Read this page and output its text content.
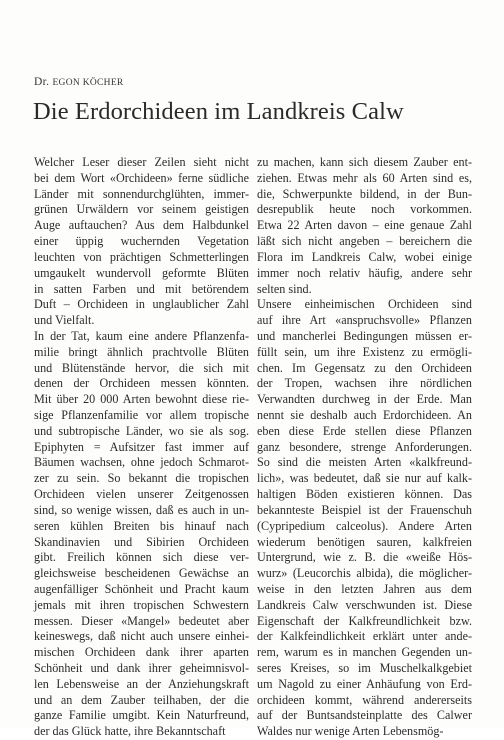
Dr. EGON KÖCHER
Die Erdorchideen im Landkreis Calw
Welcher Leser dieser Zeilen sieht nicht
bei dem Wort «Orchideen» ferne südliche
Länder mit sonnendurchglühten, immer-
grünen Urwäldern vor seinem geistigen
Auge auftauchen? Aus dem Halbdunkel
einer üppig wuchernden Vegetation
leuchten von prächtigen Schmetterlingen
umgaukelt wundervoll geformte Blüten
in satten Farben und mit betörendem
Duft – Orchideen in unglaublicher Zahl
und Vielfalt.
In der Tat, kaum eine andere Pflanzenfa-
milie bringt ähnlich prachtvolle Blüten
und Blütenstände hervor, die sich mit
denen der Orchideen messen könnten.
Mit über 20 000 Arten bewohnt diese rie-
sige Pflanzenfamilie vor allem tropische
und subtropische Länder, wo sie als sog.
Epiphyten = Aufsitzer fast immer auf
Bäumen wachsen, ohne jedoch Schmarot-
zer zu sein. So bekannt die tropischen
Orchideen vielen unserer Zeitgenossen
sind, so wenige wissen, daß es auch in un-
seren kühlen Breiten bis hinauf nach
Skandinavien und Sibirien Orchideen
gibt. Freilich können sich diese ver-
gleichsweise bescheidenen Gewächse an
augenfälliger Schönheit und Pracht kaum
jemals mit ihren tropischen Schwestern
messen. Dieser «Mangel» bedeutet aber
keineswegs, daß nicht auch unsere einhei-
mischen Orchideen dank ihrer aparten
Schönheit und dank ihrer geheimnisvol-
len Lebensweise an der Anziehungskraft
und an dem Zauber teilhaben, der die
ganze Familie umgibt. Kein Naturfreund,
der das Glück hatte, ihre Bekanntschaft
zu machen, kann sich diesem Zauber ent-
ziehen. Etwas mehr als 60 Arten sind es,
die, Schwerpunkte bildend, in der Bun-
desrepublik heute noch vorkommen.
Etwa 22 Arten davon – eine genaue Zahl
läßt sich nicht angeben – bereichern die
Flora im Landkreis Calw, wobei einige
immer noch relativ häufig, andere sehr
selten sind.
Unsere einheimischen Orchideen sind
auf ihre Art «anspruchsvolle» Pflanzen
und mancherlei Bedingungen müssen er-
füllt sein, um ihre Existenz zu ermögli-
chen. Im Gegensatz zu den Orchideen
der Tropen, wachsen ihre nördlichen
Verwandten durchweg in der Erde. Man
nennt sie deshalb auch Erdorchideen. An
eben diese Erde stellen diese Pflanzen
ganz besondere, strenge Anforderungen.
So sind die meisten Arten «kalkfreund-
lich», was bedeutet, daß sie nur auf kalk-
haltigen Böden existieren können. Das
bekannteste Beispiel ist der Frauenschuh
(Cypripedium calceolus). Andere Arten
wiederum benötigen sauren, kalkfreien
Untergrund, wie z. B. die «weiße Hös-
wurz» (Leucorchis albida), die möglicher-
weise in den letzten Jahren aus dem
Landkreis Calw verschwunden ist. Diese
Eigenschaft der Kalkfreundlichkeit bzw.
der Kalkfeindlichkeit erklärt unter ande-
rem, warum es in manchen Gegenden un-
seres Kreises, so im Muschelkalkgebiet
um Nagold zu einer Anhäufung von Erd-
orchideen kommt, während andererseits
auf der Buntsandsteinplatte des Calwer
Waldes nur wenige Arten Lebensmög-
